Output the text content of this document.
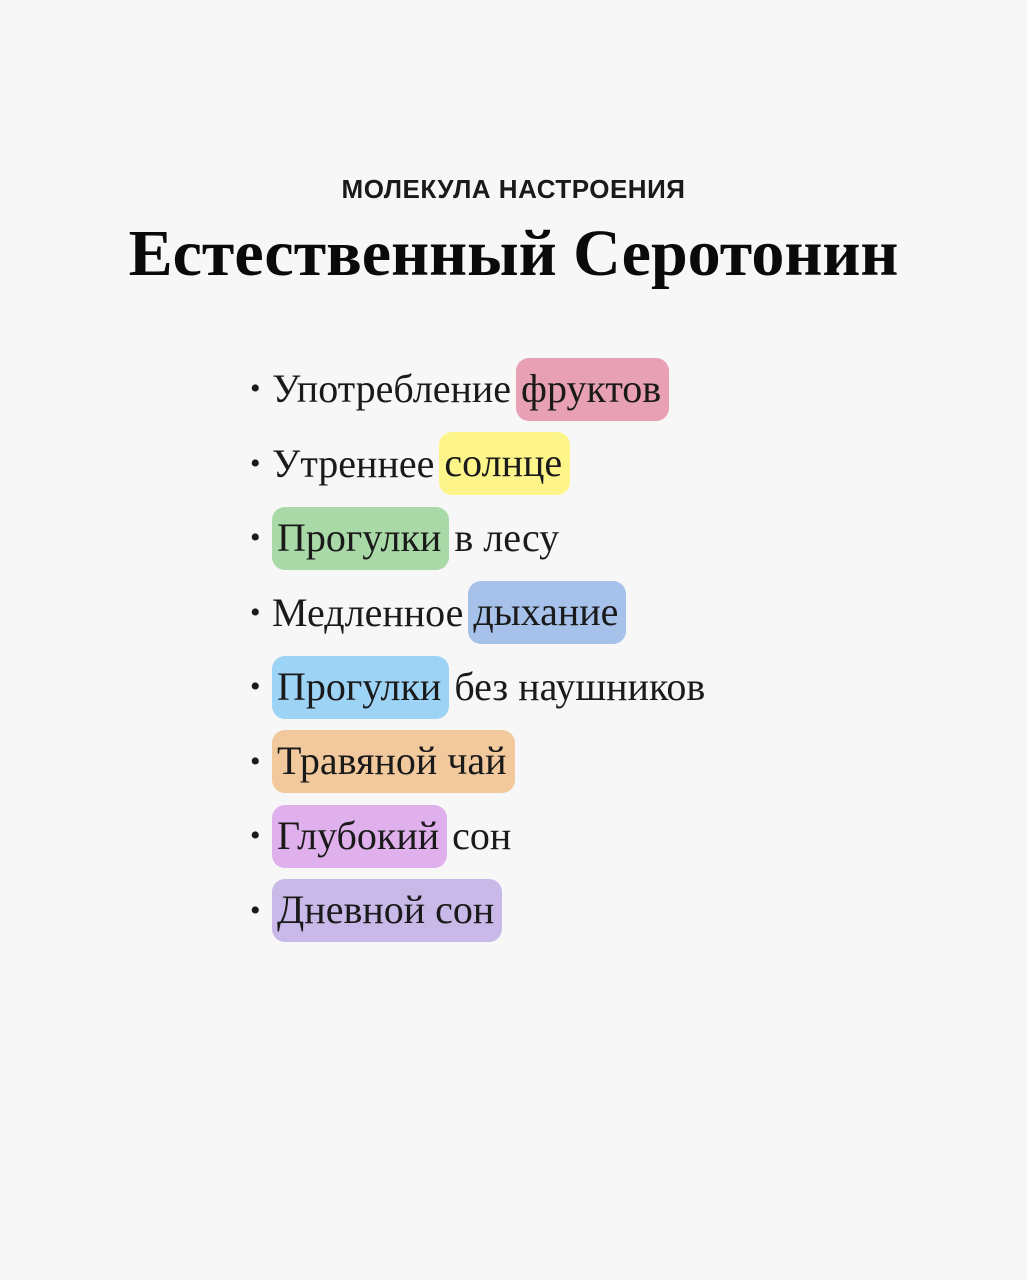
МОЛЕКУЛА НАСТРОЕНИЯ
Естественный Серотонин
• Употребление фруктов
• Утреннее солнце
• Прогулки в лесу
• Медленное дыхание
• Прогулки без наушников
• Травяной чай
• Глубокий сон
• Дневной сон
